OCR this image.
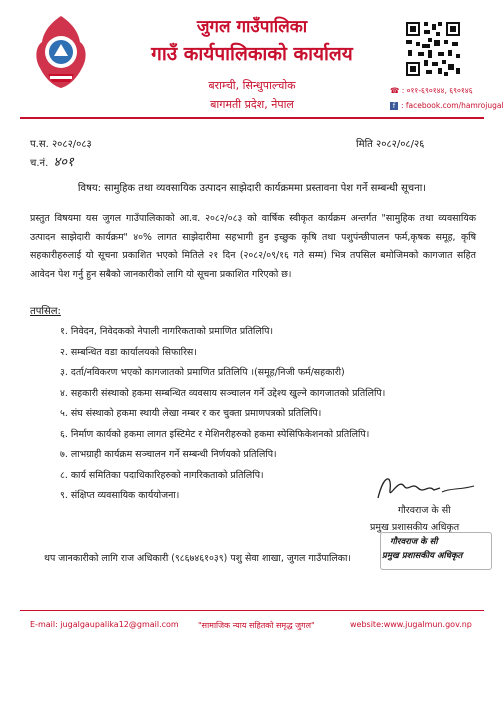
जुगल गाउँपालिका
गाउँ कार्यपालिकाको कार्यालय
बराम्ची, सिन्धुपाल्चोक
बागमती प्रदेश, नेपाल
☎ : ०११-६९०१४४, ६९०१४६
f : facebook.com/hamrojugal
प.स. २०८२/०८३
च.नं. ४०१
मिति २०८२/०८/२६
विषय: सामुहिक तथा व्यवसायिक उत्पादन साझेदारी कार्यक्रममा प्रस्तावना पेश गर्ने सम्बन्धी सूचना।
प्रस्तुत विषयमा यस जुगल गाउँपालिकाको आ.व. २०८२/०८३ को वार्षिक स्वीकृत कार्यक्रम अन्तर्गत "सामुहिक तथा व्यवसायिक उत्पादन साझेदारी कार्यक्रम" ४०% लागत साझेदारीमा सहभागी हुन इच्छुक कृषि तथा पशुपंन्छीपालन फर्म,कृषक समूह, कृषि सहकारीहरुलाई यो सूचना प्रकाशित भएको मितिले २१ दिन (२०८२/०९/१६ गते सम्म) भित्र तपसिल बमोजिमको कागजात सहित आवेदन पेश गर्नु हुन सबैको जानकारीको लागि यो सूचना प्रकाशित गरिएको छ।
तपसिल:
१. निवेदन, निवेदकको नेपाली नागरिकताको प्रमाणित प्रतिलिपि।
२. सम्बन्धित वडा कार्यालयको सिफारिस।
३. दर्ता/नविकरण भएको कागजातको प्रमाणित प्रतिलिपि ।(समूह/निजी फर्म/सहकारी)
४. सहकारी संस्थाको हकमा सम्बन्धित व्यवसाय सञ्चालन गर्ने उद्देश्य खुल्ने कागजातको प्रतिलिपि।
५. संघ संस्थाको हकमा स्थायी लेखा नम्बर र कर चुक्ता प्रमाणपत्रको प्रतिलिपि।
६. निर्माण कार्यको हकमा लागत इस्टिमेट र मेशिनरीहरुको हकमा स्पेसिफिकेशनको प्रतिलिपि।
७. लाभग्राही कार्यक्रम सञ्चालन गर्ने सम्बन्धी निर्णयको प्रतिलिपि।
८. कार्य समितिका पदाधिकारिहरुको नागरिकताको प्रतिलिपि।
९. संक्षिप्त व्यवसायिक कार्ययोजना।
गौरवराज के सी
प्रमुख प्रशासकीय अधिकृत
गौरवराज के सी
प्रमुख प्रशासकीय अधिकृत
थप जानकारीको लागि राज अधिकारी (९८६७४६१०३९) पशु सेवा शाखा, जुगल गाउँपालिका।
E-mail: jugalgaupalika12@gmail.com "सामाजिक न्याय सहितको समृद्ध जुगल"	website:www.jugalmun.gov.np
